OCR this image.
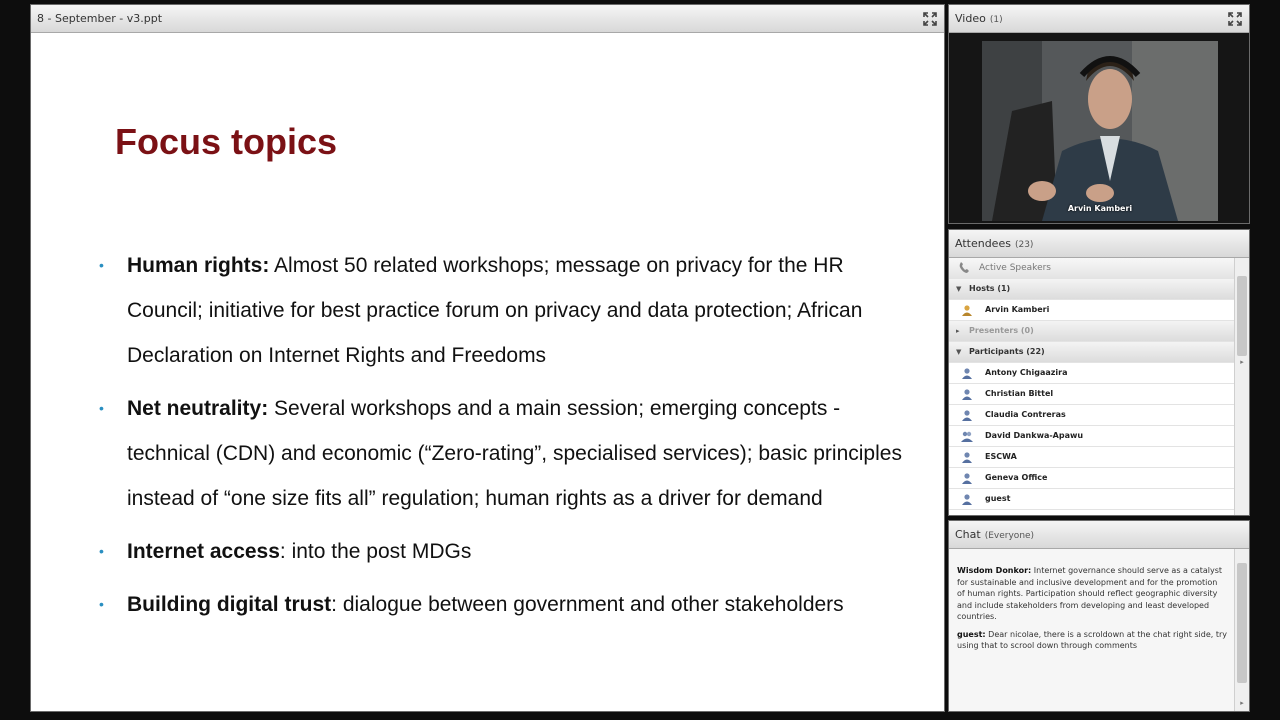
8 - September - v3.ppt
Focus topics
• Human rights: Almost 50 related workshops; message on privacy for the HR Council; initiative for best practice forum on privacy and data protection; African Declaration on Internet Rights and Freedoms
• Net neutrality: Several workshops and a main session; emerging concepts - technical (CDN) and economic (“Zero-rating”, specialised services); basic principles instead of “one size fits all” regulation; human rights as a driver for demand
• Internet access: into the post MDGs
• Building digital trust: dialogue between government and other stakeholders
Video (1)
Arvin Kamberi
Attendees (23)
Active Speakers
▼ Hosts (1)
Arvin Kamberi
▸ Presenters (0)
▼ Participants (22)
Antony Chigaazira
Christian Bittel
Claudia Contreras
David Dankwa-Apawu
ESCWA
Geneva Office
guest
▸
Chat (Everyone)
Wisdom Donkor: Internet governance should serve as a catalyst for sustainable and inclusive development and for the promotion of human rights. Participation should reflect geographic diversity and include stakeholders from developing and least developed countries.
guest: Dear nicolae, there is a scroldown at the chat right side, try using that to scrool down through comments
▸
